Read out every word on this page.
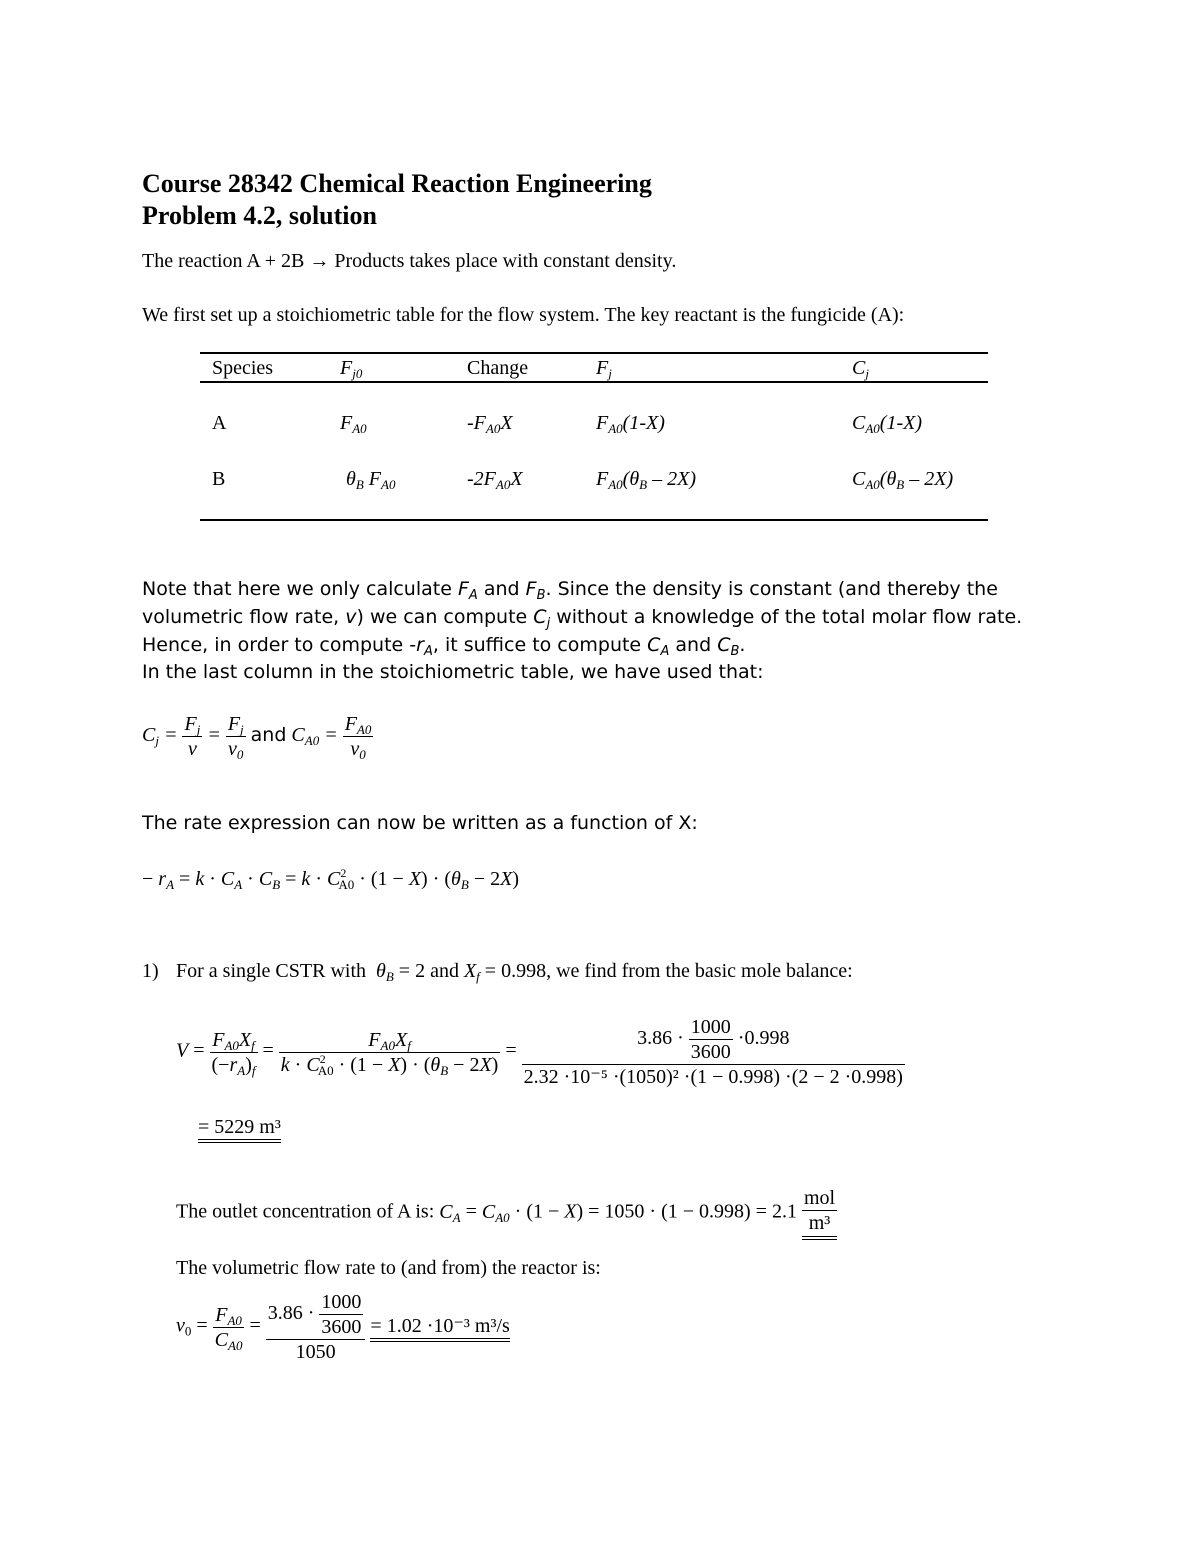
Course 28342 Chemical Reaction Engineering
Problem 4.2, solution
The reaction A + 2B → Products takes place with constant density.
We first set up a stoichiometric table for the flow system. The key reactant is the fungicide (A):
Species	$F_{j0}$	Change	$F_j$	$C_j$
A	$F_{A0}$	$-F_{A0}X$	$F_{A0}(1-X)$	$C_{A0}(1-X)$
B	$\theta_B$ $F_{A0}$	$-2F_{A0}X$	$F_{A0}(\theta_B - 2X)$	$C_{A0}(\theta_B - 2X)$
Note that here we only calculate $F_A$ and $F_B$. Since the density is constant (and thereby the
volumetric flow rate, v) we can compute $C_j$ without a knowledge of the total molar flow rate.
Hence, in order to compute $-r_A$, it suffice to compute $C_A$ and $C_B$.
In the last column in the stoichiometric table, we have used that:
$C_j = \frac{F_j}{v} = \frac{F_j}{v_0}$ and $C_{A0} = \frac{F_{A0}}{v_0}$
The rate expression can now be written as a function of X:
− $r_A = k \cdot C_A \cdot C_B = k \cdot C^2_{A0} \cdot (1 - X) \cdot (\theta_B - 2X)$
1) For a single CSTR with  $\theta_B = 2$ and $X_f = 0.998$, we find from the basic mole balance:
$V = \frac{F_{A0}X_f}{(-r_A)_f} = \frac{F_{A0}X_f}{k \cdot C^2_{A0} \cdot (1 - X) \cdot (\theta_B - 2X)} = \frac{3.86 \cdot \frac{1000}{3600} \cdot 0.998}{\text{2.32 ·10⁻⁵ ·(1050)² ·(1 − 0.998) ·(2 − 2 ·0.998)}}$
= 5229 m³
The outlet concentration of A is: $C_A = C_{A0} \cdot (1 - X) = 1050 \cdot (1 - 0.998) = 2.1 \frac{\text{mol}}{\text{m³}}$
The volumetric flow rate to (and from) the reactor is:
$v_0 = \frac{F_{A0}}{C_{A0}} = \frac{3.86 \cdot \frac{1000}{3600}}{1050} = 1.02 \cdot 10^{-3}$ m³/s
